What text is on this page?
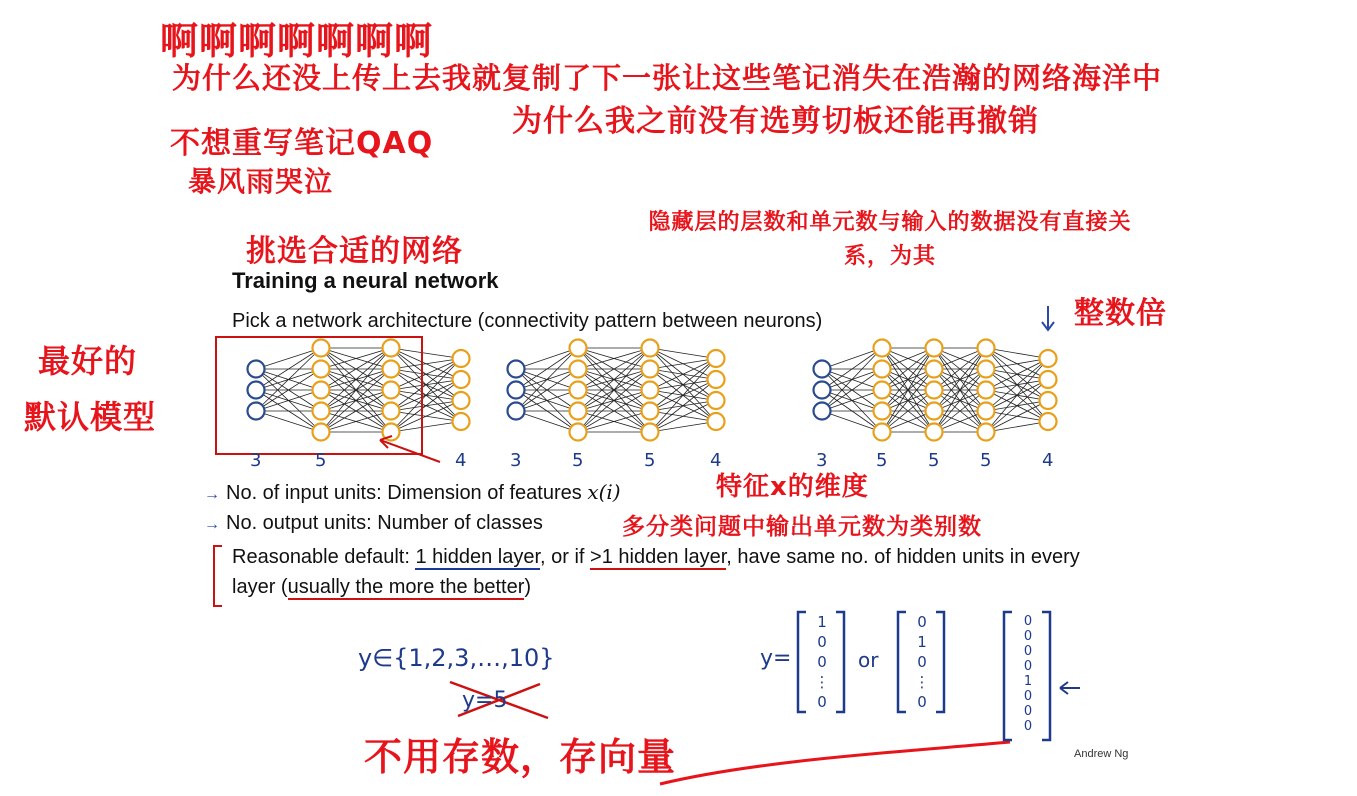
Training a neural network
Pick a network architecture (connectivity pattern between neurons)
→ No. of input units: Dimension of features x(i)
→ No. output units: Number of classes
Reasonable default: 1 hidden layer, or if >1 hidden layer, have same no. of hidden units in every layer (usually the more the better)
Andrew Ng
3	5	4 3	5	5	4	3	5 5 5	4
y∈{1,2,3,…,10}
y=5
y=	or
1
0
0
⋮
0
0
1
0
⋮
0
0
0
0
0
1
0
0
0
啊啊啊啊啊啊啊
为什么还没上传上去我就复制了下一张让这些笔记消失在浩瀚的网络海洋中
为什么我之前没有选剪切板还能再撤销
不想重写笔记QAQ
暴风雨哭泣
挑选合适的网络
隐藏层的层数和单元数与输入的数据没有直接关系，为其
整数倍
最好的
默认模型
特征x的维度
多分类问题中输出单元数为类别数
不用存数，存向量
